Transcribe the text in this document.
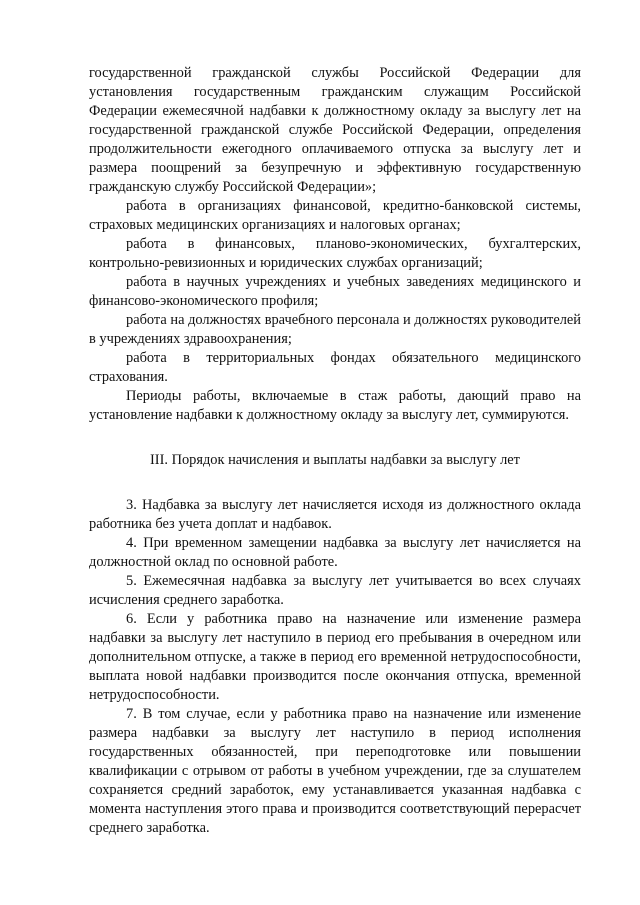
государственной гражданской службы Российской Федерации для установления государственным гражданским служащим Российской Федерации ежемесячной надбавки к должностному окладу за выслугу лет на государственной гражданской службе Российской Федерации, определения продолжительности ежегодного оплачиваемого отпуска за выслугу лет и размера поощрений за безупречную и эффективную государственную гражданскую службу Российской Федерации»;

работа в организациях финансовой, кредитно-банковской системы, страховых медицинских организациях и налоговых органах;

работа в финансовых, планово-экономических, бухгалтерских, контрольно-ревизионных и юридических службах организаций;

работа в научных учреждениях и учебных заведениях медицинского и финансово-экономического профиля;

работа на должностях врачебного персонала и должностях руководителей в учреждениях здравоохранения;

работа в территориальных фондах обязательного медицинского страхования.

Периоды работы, включаемые в стаж работы, дающий право на установление надбавки к должностному окладу за выслугу лет, суммируются.

III. Порядок начисления и выплаты надбавки за выслугу лет

3. Надбавка за выслугу лет начисляется исходя из должностного оклада работника без учета доплат и надбавок.

4. При временном замещении надбавка за выслугу лет начисляется на должностной оклад по основной работе.

5. Ежемесячная надбавка за выслугу лет учитывается во всех случаях исчисления среднего заработка.

6. Если у работника право на назначение или изменение размера надбавки за выслугу лет наступило в период его пребывания в очередном или дополнительном отпуске, а также в период его временной нетрудоспособности, выплата новой надбавки производится после окончания отпуска, временной нетрудоспособности.

7. В том случае, если у работника право на назначение или изменение размера надбавки за выслугу лет наступило в период исполнения государственных обязанностей, при переподготовке или повышении квалификации с отрывом от работы в учебном учреждении, где за слушателем сохраняется средний заработок, ему устанавливается указанная надбавка с момента наступления этого права и производится соответствующий перерасчет среднего заработка.
